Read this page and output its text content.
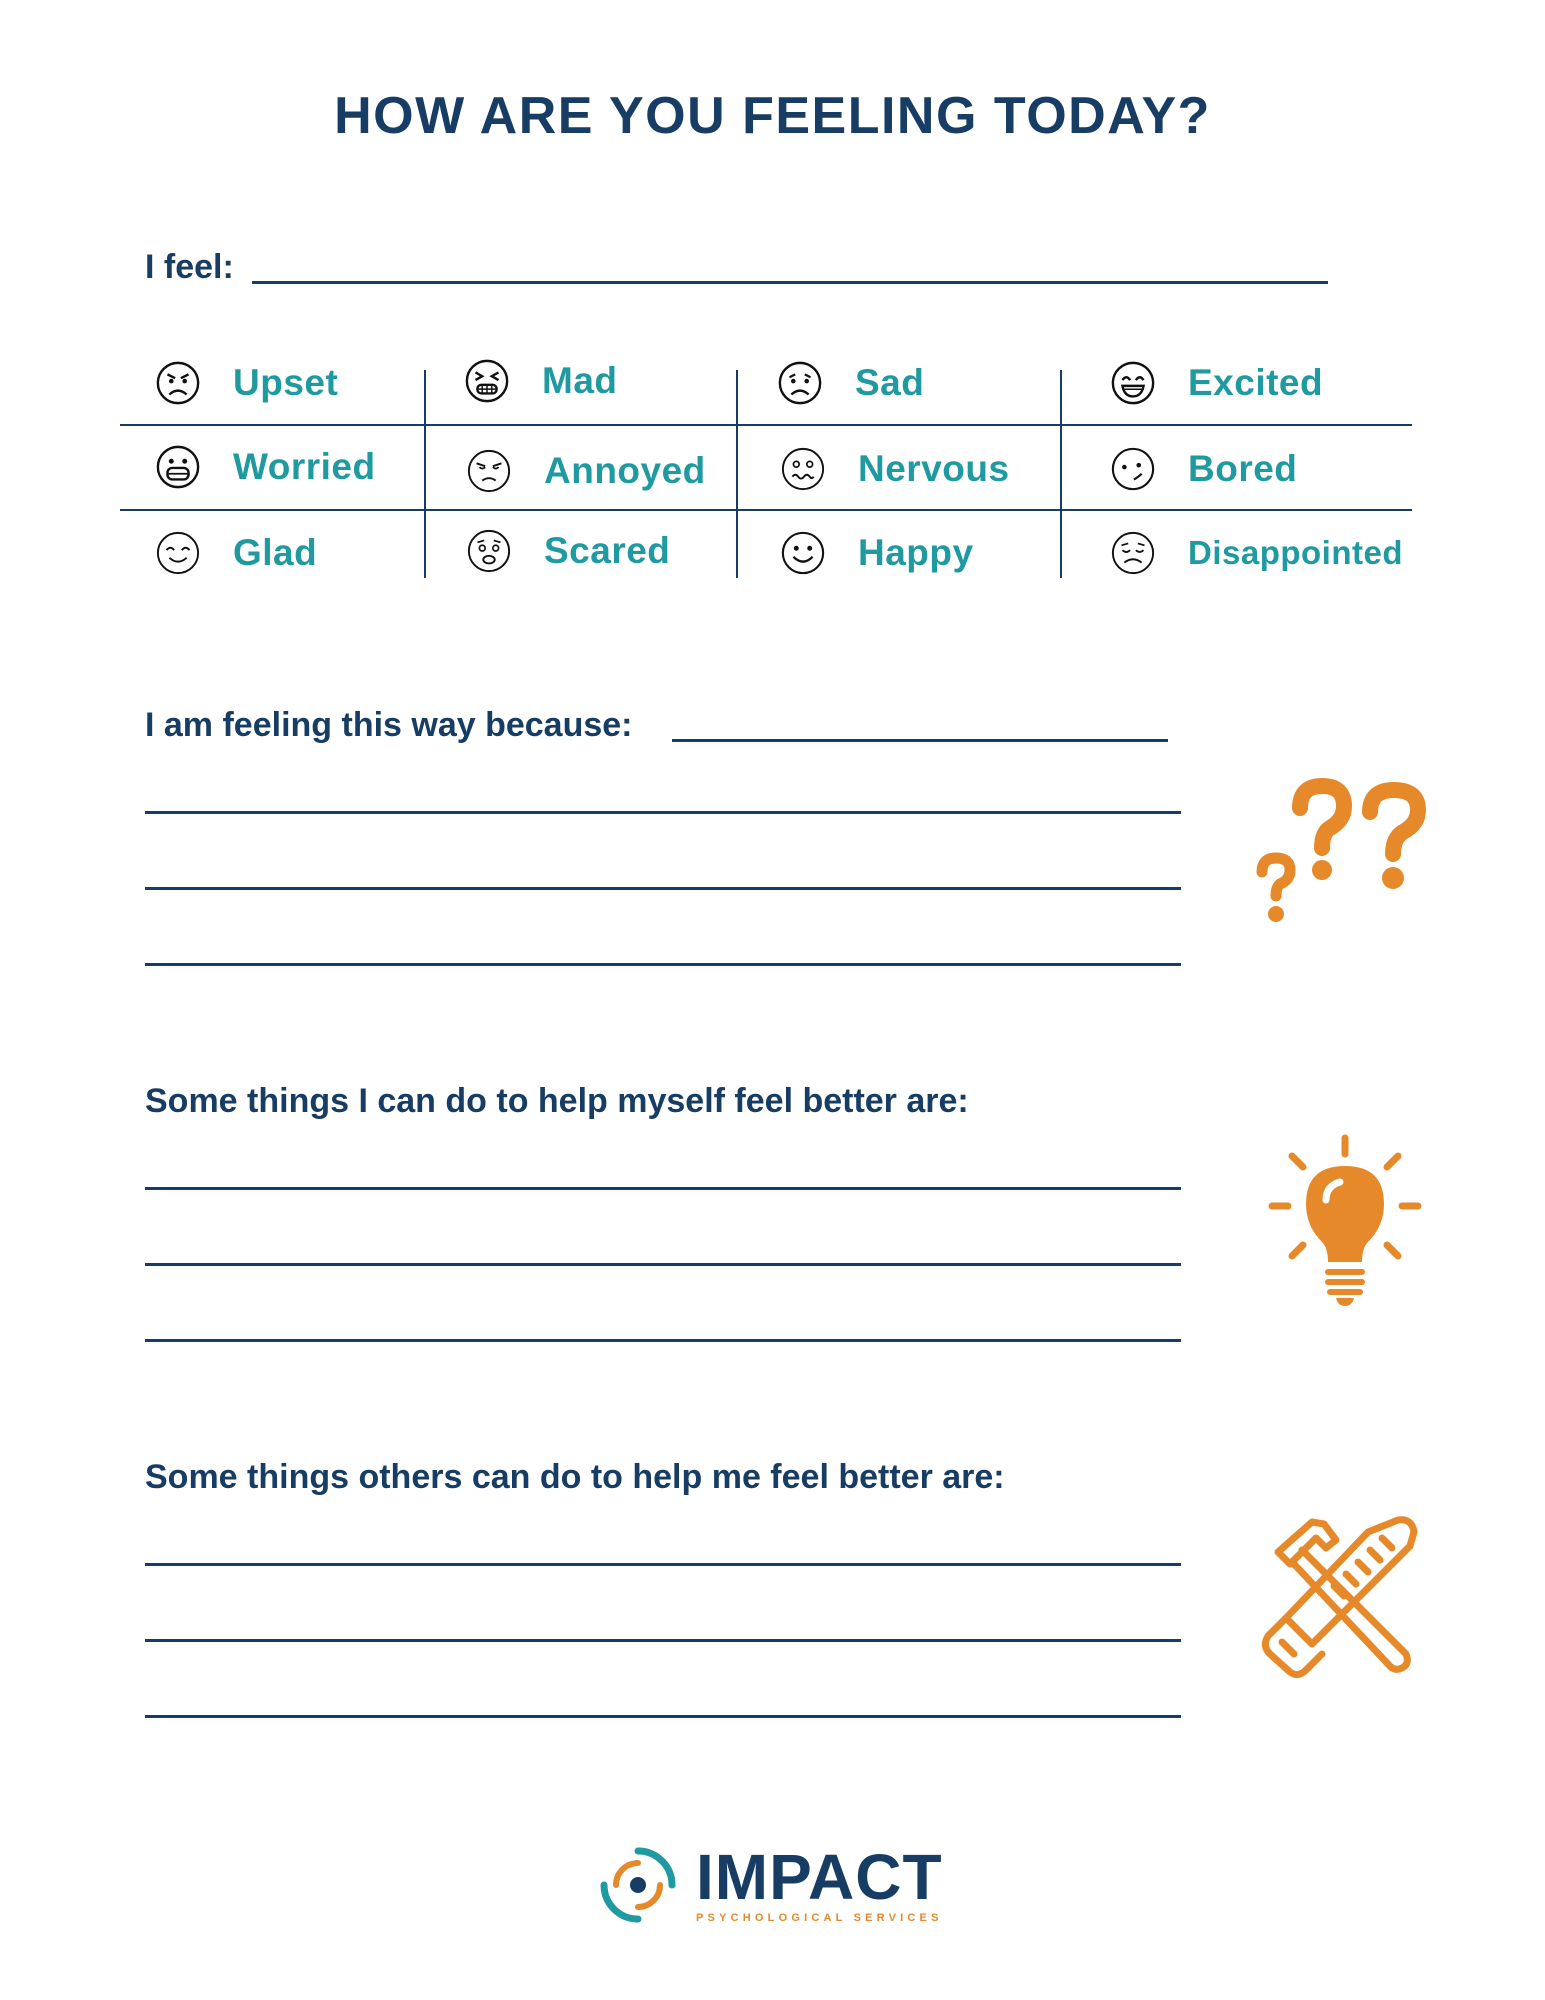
HOW ARE YOU FEELING TODAY?
I feel:
Upset	Mad	Sad	Excited
Worried	Annoyed	Nervous	Bored
Glad	Scared	Happy	Disappointed
I am feeling this way because:
Some things I can do to help myself feel better are:
Some things others can do to help me feel better are:
IMPACT
PSYCHOLOGICAL SERVICES
